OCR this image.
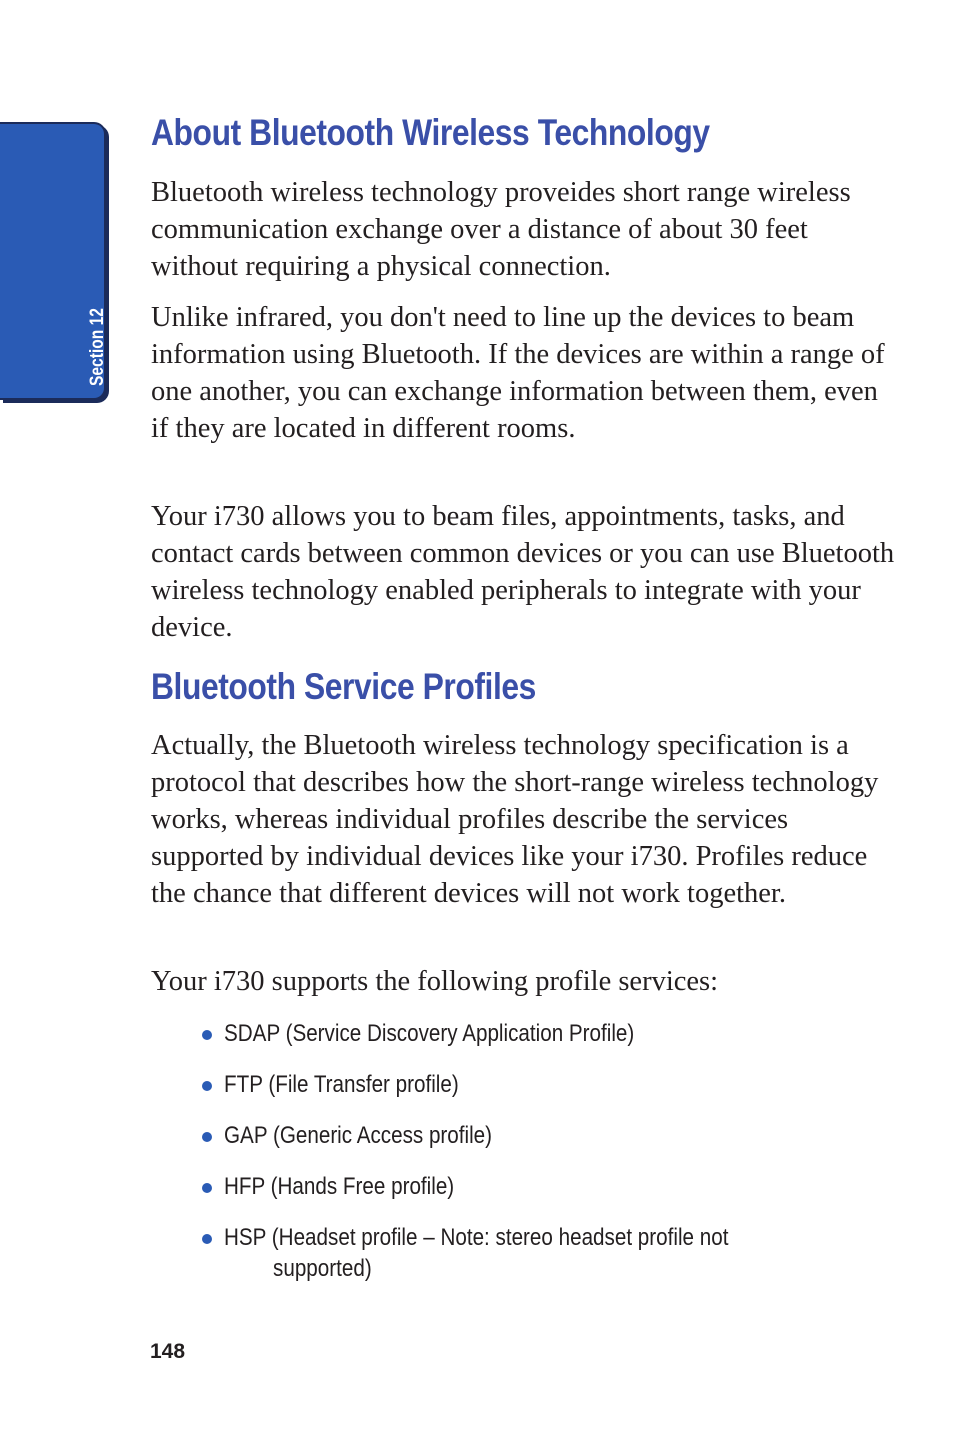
Section 12
About Bluetooth Wireless Technology

Bluetooth wireless technology proveides short range wireless communication exchange over a distance of about 30 feet without requiring a physical connection.

Unlike infrared, you don't need to line up the devices to beam information using Bluetooth. If the devices are within a range of one another, you can exchange information between them, even if they are located in different rooms.

Your i730 allows you to beam files, appointments, tasks, and contact cards between common devices or you can use Bluetooth wireless technology enabled peripherals to integrate with your device.

Bluetooth Service Profiles

Actually, the Bluetooth wireless technology specification is a protocol that describes how the short-range wireless technology works, whereas individual profiles describe the services supported by individual devices like your i730. Profiles reduce the chance that different devices will not work together.

Your i730 supports the following profile services:

SDAP (Service Discovery Application Profile)
FTP (File Transfer profile)
GAP (Generic Access profile)
HFP (Hands Free profile)
HSP (Headset profile – Note: stereo headset profile not
supported)
148
